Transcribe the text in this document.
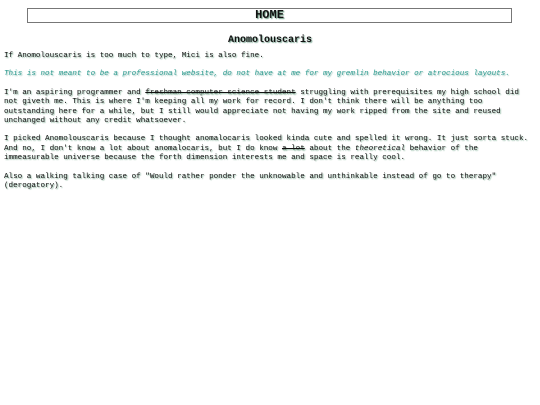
HOME
Anomolouscaris

If Anomolouscaris is too much to type, Mici is also fine.

This is not meant to be a professional website, do not have at me for my gremlin behavior or atrocious layouts.

I'm an aspiring programmer and freshman computer science student struggling with prerequisites my high school did not giveth me. This is where I'm keeping all my work for record. I don't think there will be anything too outstanding here for a while, but I still would appreciate not having my work ripped from the site and reused unchanged without any credit whatsoever.

I picked Anomolouscaris because I thought anomalocaris looked kinda cute and spelled it wrong. It just sorta stuck. And no, I don't know a lot about anomalocaris, but I do know a lot about the theoretical behavior of the immeasurable universe because the forth dimension interests me and space is really cool.

Also a walking talking case of "Would rather ponder the unknowable and unthinkable instead of go to therapy" (derogatory).
